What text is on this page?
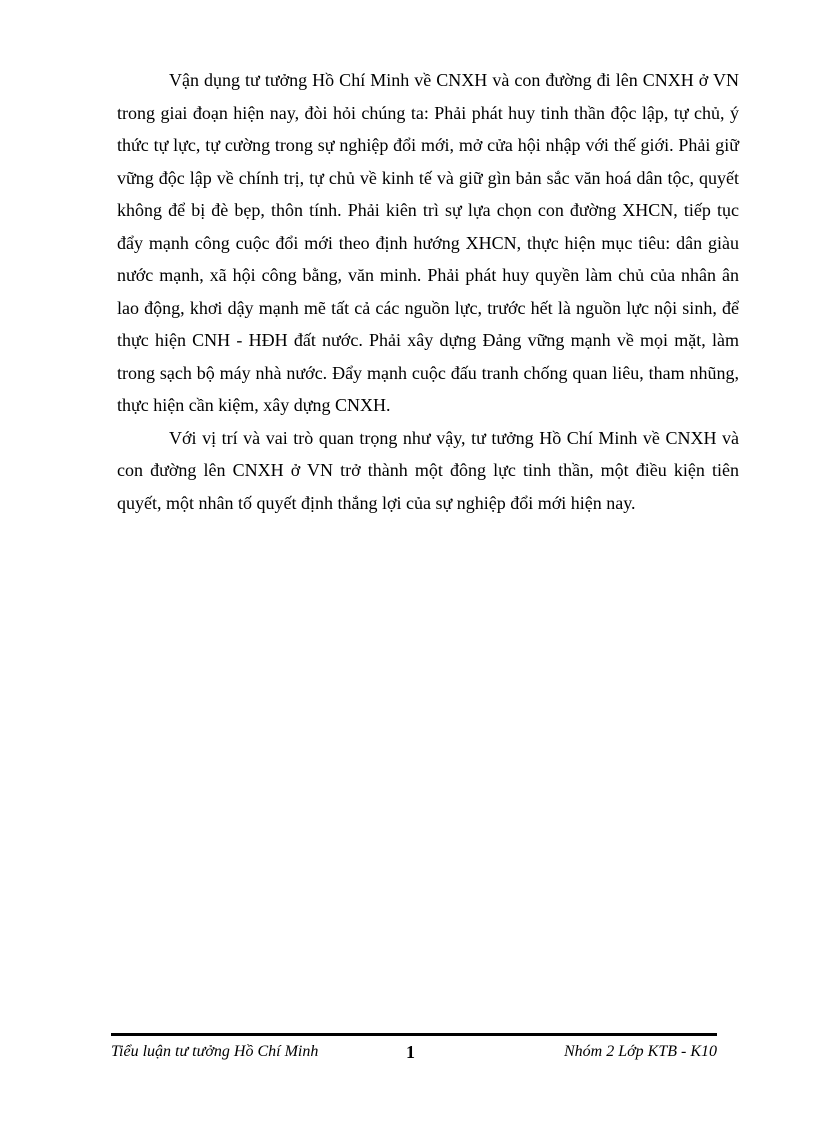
Vận dụng tư tưởng Hồ Chí Minh về CNXH và con đường đi lên CNXH ở VN trong giai đoạn hiện nay, đòi hỏi chúng ta: Phải phát huy tinh thần độc lập, tự chủ, ý thức tự lực, tự cường trong sự nghiệp đổi mới, mở cửa hội nhập với thế giới. Phải giữ vững độc lập về chính trị, tự chủ về kinh tế và giữ gìn bản sắc văn hoá dân tộc, quyết không để bị đè bẹp, thôn tính. Phải kiên trì sự lựa chọn con đường XHCN, tiếp tục đẩy mạnh công cuộc đổi mới theo định hướng XHCN, thực hiện mục tiêu: dân giàu nước mạnh, xã hội công bằng, văn minh. Phải phát huy quyền làm chủ của nhân ân lao động, khơi dậy mạnh mẽ tất cả các nguồn lực, trước hết là nguồn lực nội sinh, để thực hiện CNH - HĐH đất nước. Phải xây dựng Đảng vững mạnh về mọi mặt, làm trong sạch bộ máy nhà nước. Đẩy mạnh cuộc đấu tranh chống quan liêu, tham nhũng, thực hiện cần kiệm, xây dựng CNXH.

Với vị trí và vai trò quan trọng như vậy, tư tưởng Hồ Chí Minh về CNXH và con đường lên CNXH ở VN trở thành một đông lực tinh thần, một điều kiện tiên quyết, một nhân tố quyết định thắng lợi của sự nghiệp đổi mới hiện nay.

Tiểu luận tư tưởng Hồ Chí Minh	1	Nhóm 2 Lớp KTB - K10
